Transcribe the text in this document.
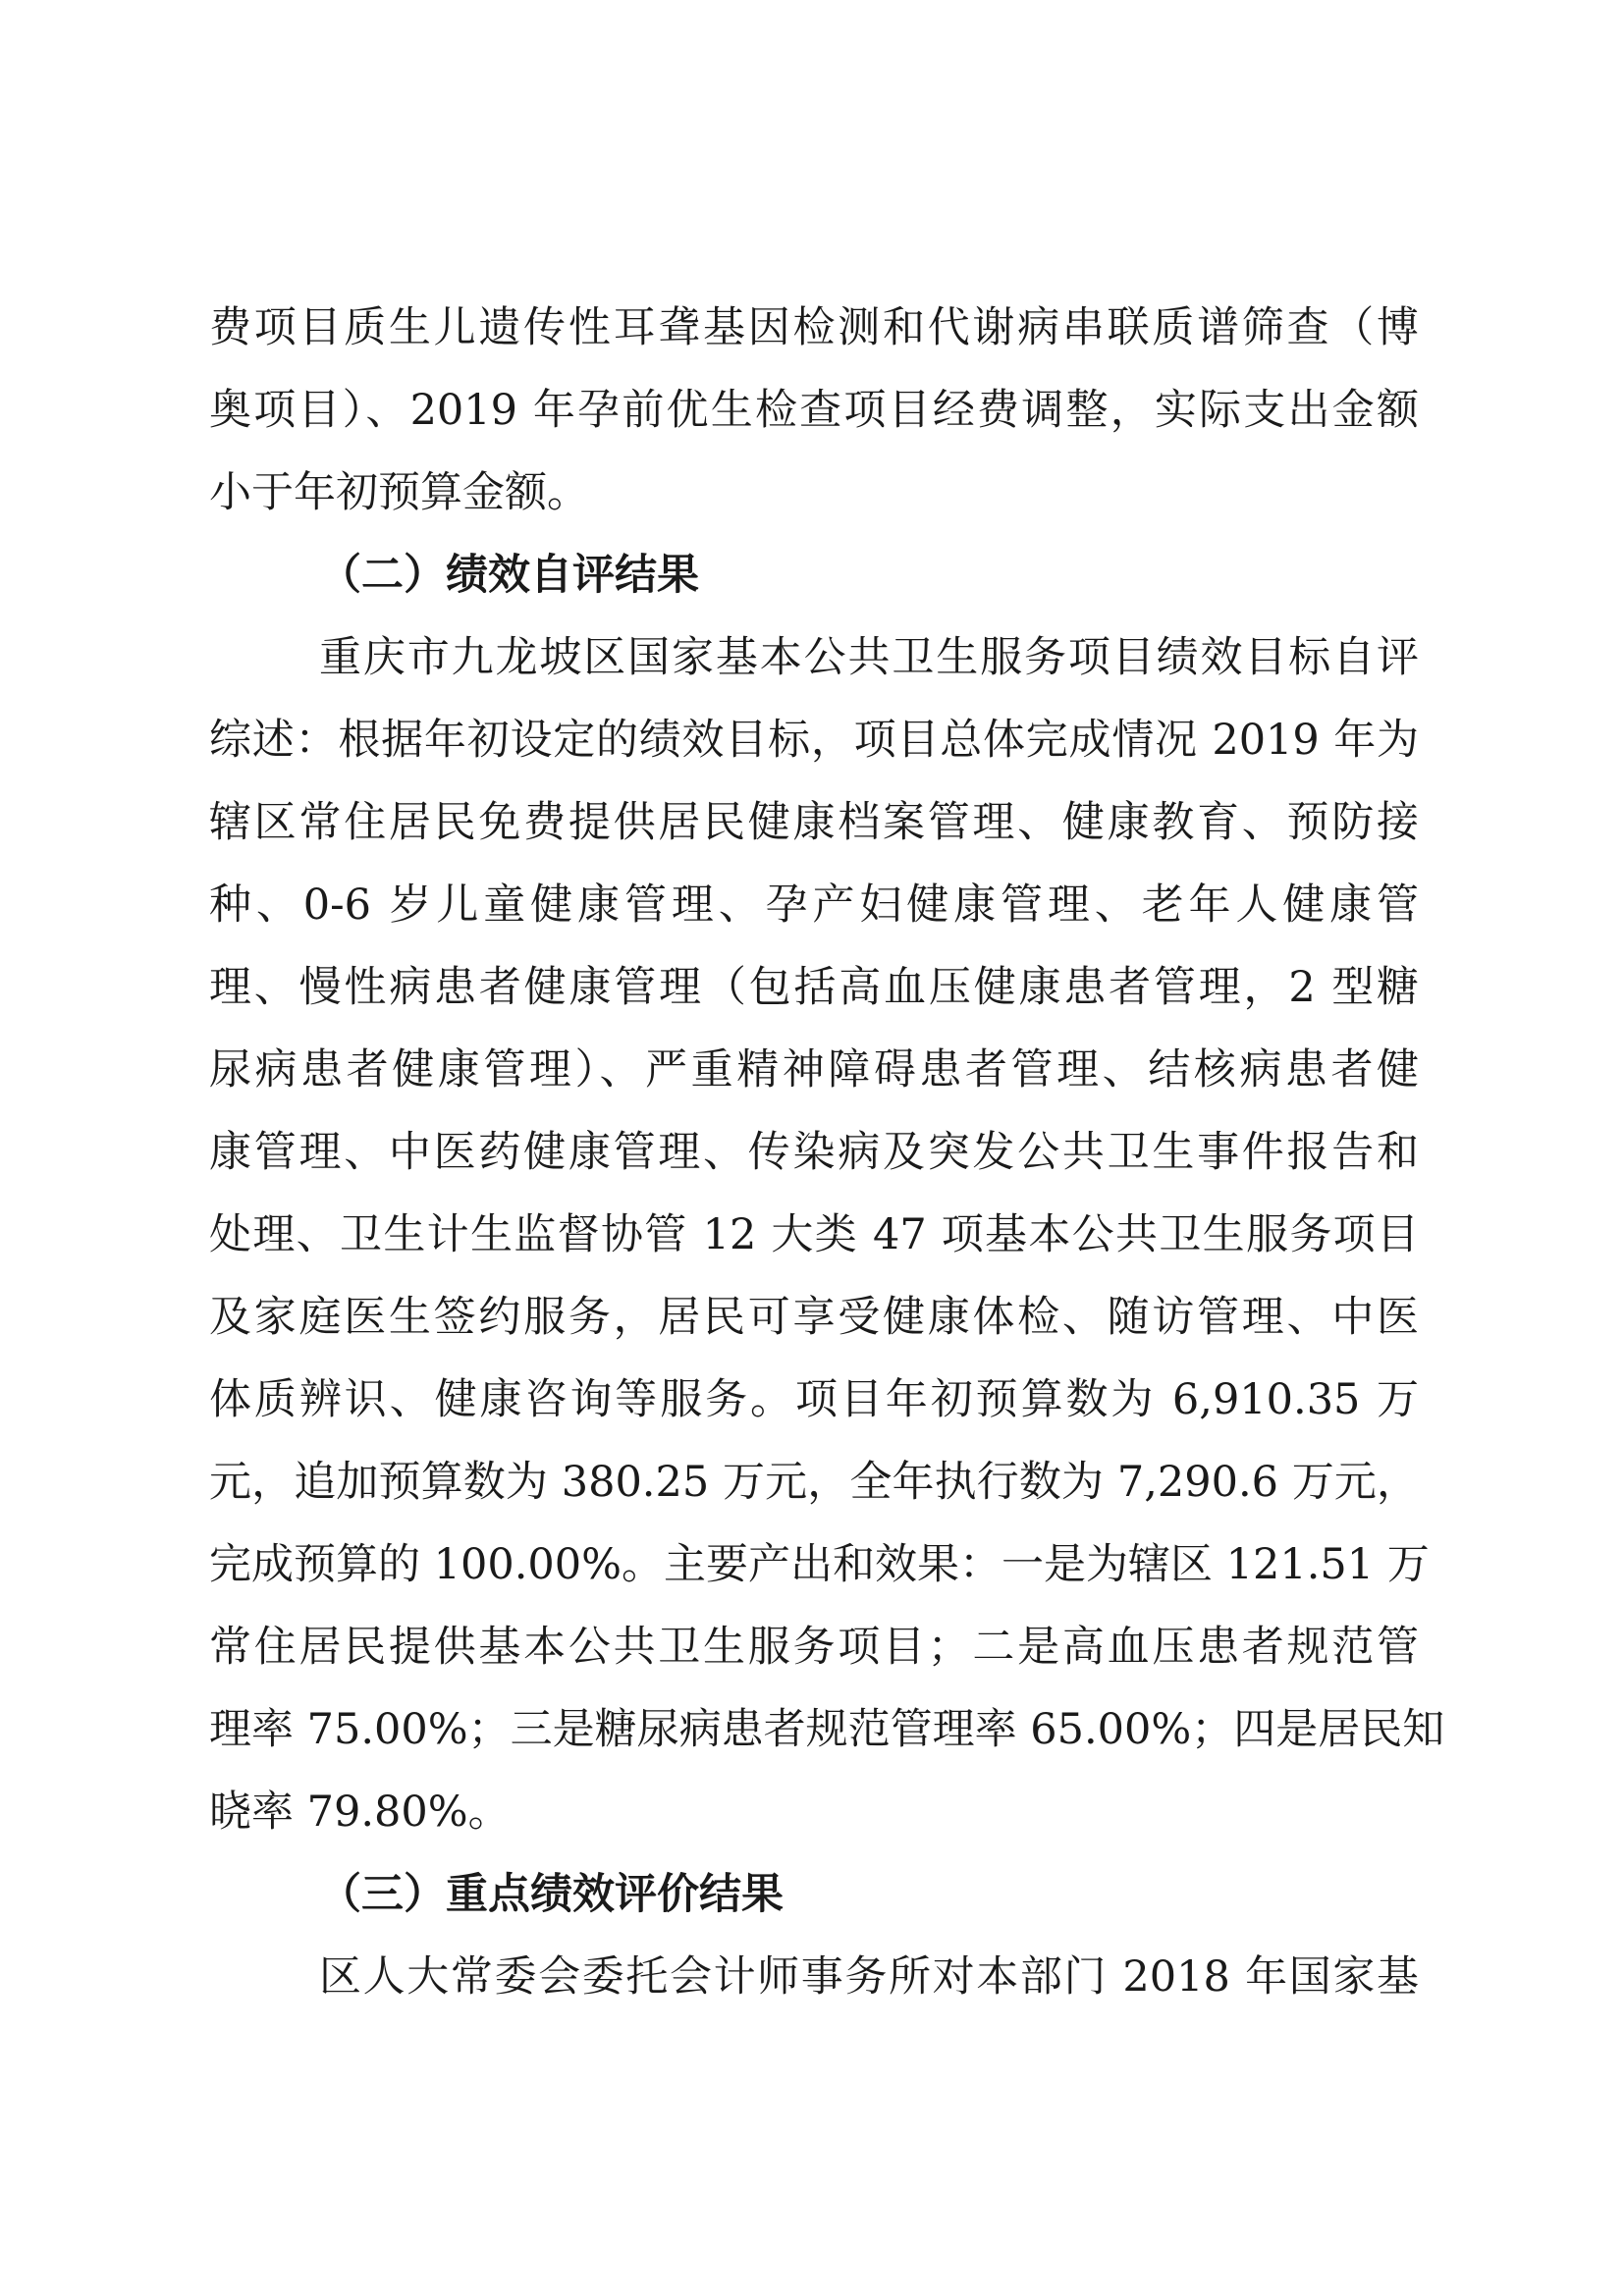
费项目质生儿遗传性耳聋基因检测和代谢病串联质谱筛查（博
奥项目）、2019 年孕前优生检查项目经费调整，实际支出金额
小于年初预算金额。
（二）绩效自评结果
重庆市九龙坡区国家基本公共卫生服务项目绩效目标自评
综述：根据年初设定的绩效目标，项目总体完成情况 2019 年为
辖区常住居民免费提供居民健康档案管理、健康教育、预防接
种、0-6 岁儿童健康管理、孕产妇健康管理、老年人健康管
理、慢性病患者健康管理（包括高血压健康患者管理，2 型糖
尿病患者健康管理）、严重精神障碍患者管理、结核病患者健
康管理、中医药健康管理、传染病及突发公共卫生事件报告和
处理、卫生计生监督协管 12 大类 47 项基本公共卫生服务项目
及家庭医生签约服务，居民可享受健康体检、随访管理、中医
体质辨识、健康咨询等服务。项目年初预算数为 6,910.35 万
元，追加预算数为 380.25 万元，全年执行数为 7,290.6 万元，
完成预算的 100.00%。主要产出和效果：一是为辖区 121.51 万
常住居民提供基本公共卫生服务项目；二是高血压患者规范管
理率 75.00%；三是糖尿病患者规范管理率 65.00%；四是居民知
晓率 79.80%。
（三）重点绩效评价结果
区人大常委会委托会计师事务所对本部门 2018 年国家基
